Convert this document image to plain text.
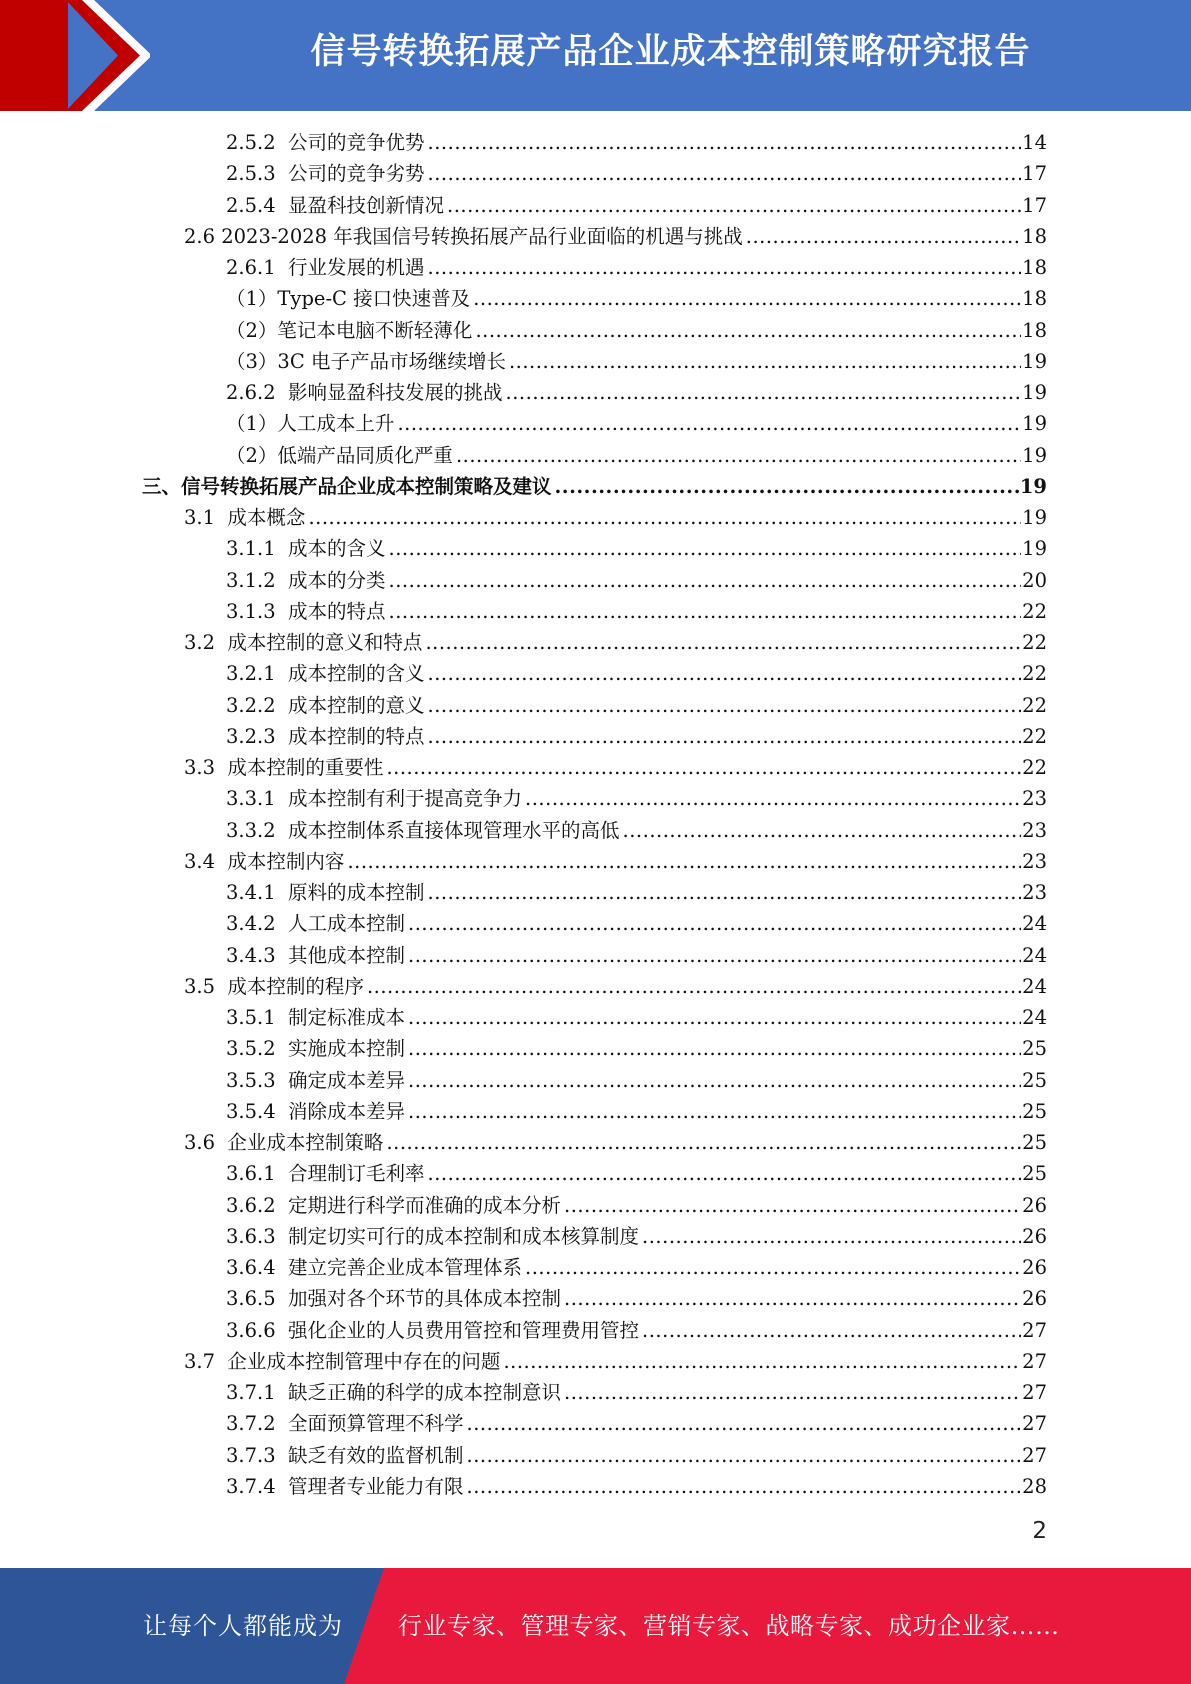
信号转换拓展产品企业成本控制策略研究报告
2.5.2 公司的竞争优势 .....	14
2.5.3 公司的竞争劣势 .....	17
2.5.4 显盈科技创新情况 .....	17
2.6 2023-2028 年我国信号转换拓展产品行业面临的机遇与挑战 .....	18
2.6.1 行业发展的机遇 .....	18
（1） Type-C 接口快速普及 .....	18
（2） 笔记本电脑不断轻薄化 .....	18
（3） 3C 电子产品市场继续增长 .....	19
2.6.2 影响显盈科技发展的挑战 .....	19
（1） 人工成本上升 .....	19
（2） 低端产品同质化严重 .....	19
三、信号转换拓展产品企业成本控制策略及建议 .....	19
3.1 成本概念 .....	19
3.1.1 成本的含义 .....	19
3.1.2 成本的分类 .....	20
3.1.3 成本的特点 .....	22
3.2 成本控制的意义和特点 .....	22
3.2.1 成本控制的含义 .....	22
3.2.2 成本控制的意义 .....	22
3.2.3 成本控制的特点 .....	22
3.3 成本控制的重要性 .....	22
3.3.1 成本控制有利于提高竞争力 .....	23
3.3.2 成本控制体系直接体现管理水平的高低 .....	23
3.4 成本控制内容 .....	23
3.4.1 原料的成本控制 .....	23
3.4.2 人工成本控制 .....	24
3.4.3 其他成本控制 .....	24
3.5 成本控制的程序 .....	24
3.5.1 制定标准成本 .....	24
3.5.2 实施成本控制 .....	25
3.5.3 确定成本差异 .....	25
3.5.4 消除成本差异 .....	25
3.6 企业成本控制策略 .....	25
3.6.1 合理制订毛利率 .....	25
3.6.2 定期进行科学而准确的成本分析 .....	26
3.6.3 制定切实可行的成本控制和成本核算制度 .....	26
3.6.4 建立完善企业成本管理体系 .....	26
3.6.5 加强对各个环节的具体成本控制 .....	26
3.6.6 强化企业的人员费用管控和管理费用管控 .....	27
3.7 企业成本控制管理中存在的问题 .....	27
3.7.1 缺乏正确的科学的成本控制意识 .....	27
3.7.2 全面预算管理不科学 .....	27
3.7.3 缺乏有效的监督机制 .....	27
3.7.4 管理者专业能力有限 .....	28
2
让每个人都能成为 行业专家、管理专家、营销专家、战略专家、成功企业家……
